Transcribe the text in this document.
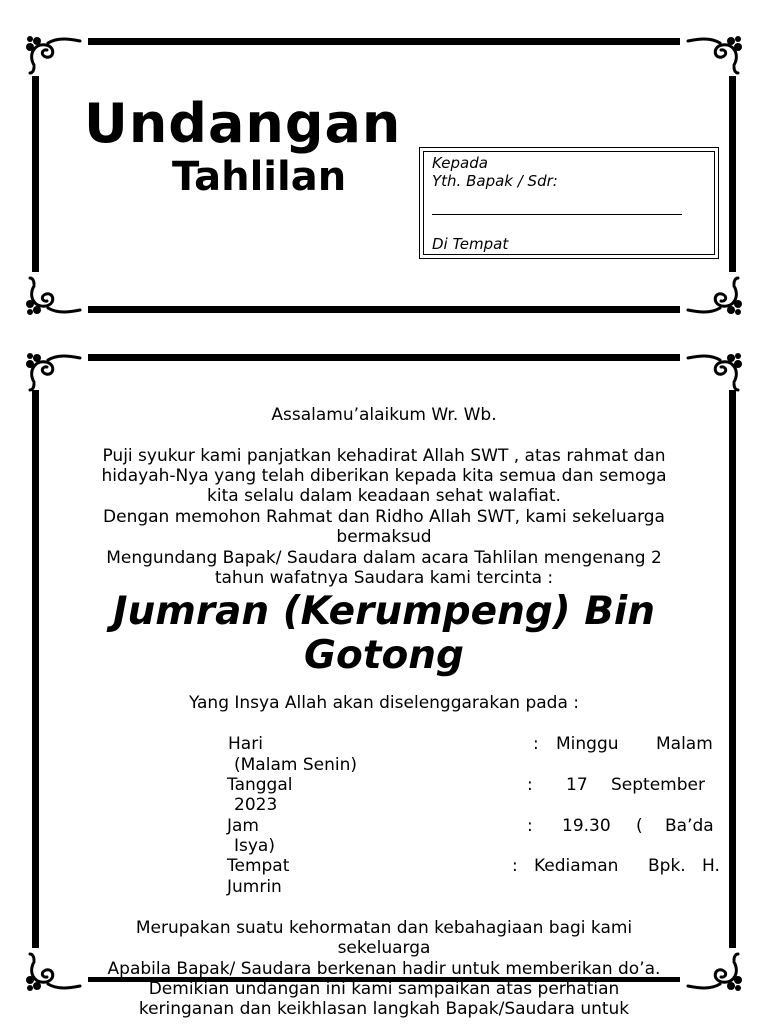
Undangan
Tahlilan	Kepada
Yth. Bapak / Sdr:
Di Tempat
Assalamu’alaikum Wr. Wb.
Puji syukur kami panjatkan kehadirat Allah SWT , atas rahmat dan
hidayah-Nya yang telah diberikan kepada kita semua dan semoga
kita selalu dalam keadaan sehat walafiat.
Dengan memohon Rahmat dan Ridho Allah SWT, kami sekeluarga
bermaksud
Mengundang Bapak/ Saudara dalam acara Tahlilan mengenang 2
tahun wafatnya Saudara kami tercinta :
Jumran (Kerumpeng) Bin
Gotong
Yang Insya Allah akan diselenggarakan pada :
Hari	: Minggu Malam
(Malam Senin)
Tanggal	: 17 September
2023
Jam	: 19.30 ( Ba’da
Isya)
Tempat	: Kediaman Bpk. H.
Jumrin
Merupakan suatu kehormatan dan kebahagiaan bagi kami
sekeluarga
Apabila Bapak/ Saudara berkenan hadir untuk memberikan do’a.
Demikian undangan ini kami sampaikan atas perhatian
keringanan dan keikhlasan langkah Bapak/Saudara untuk
